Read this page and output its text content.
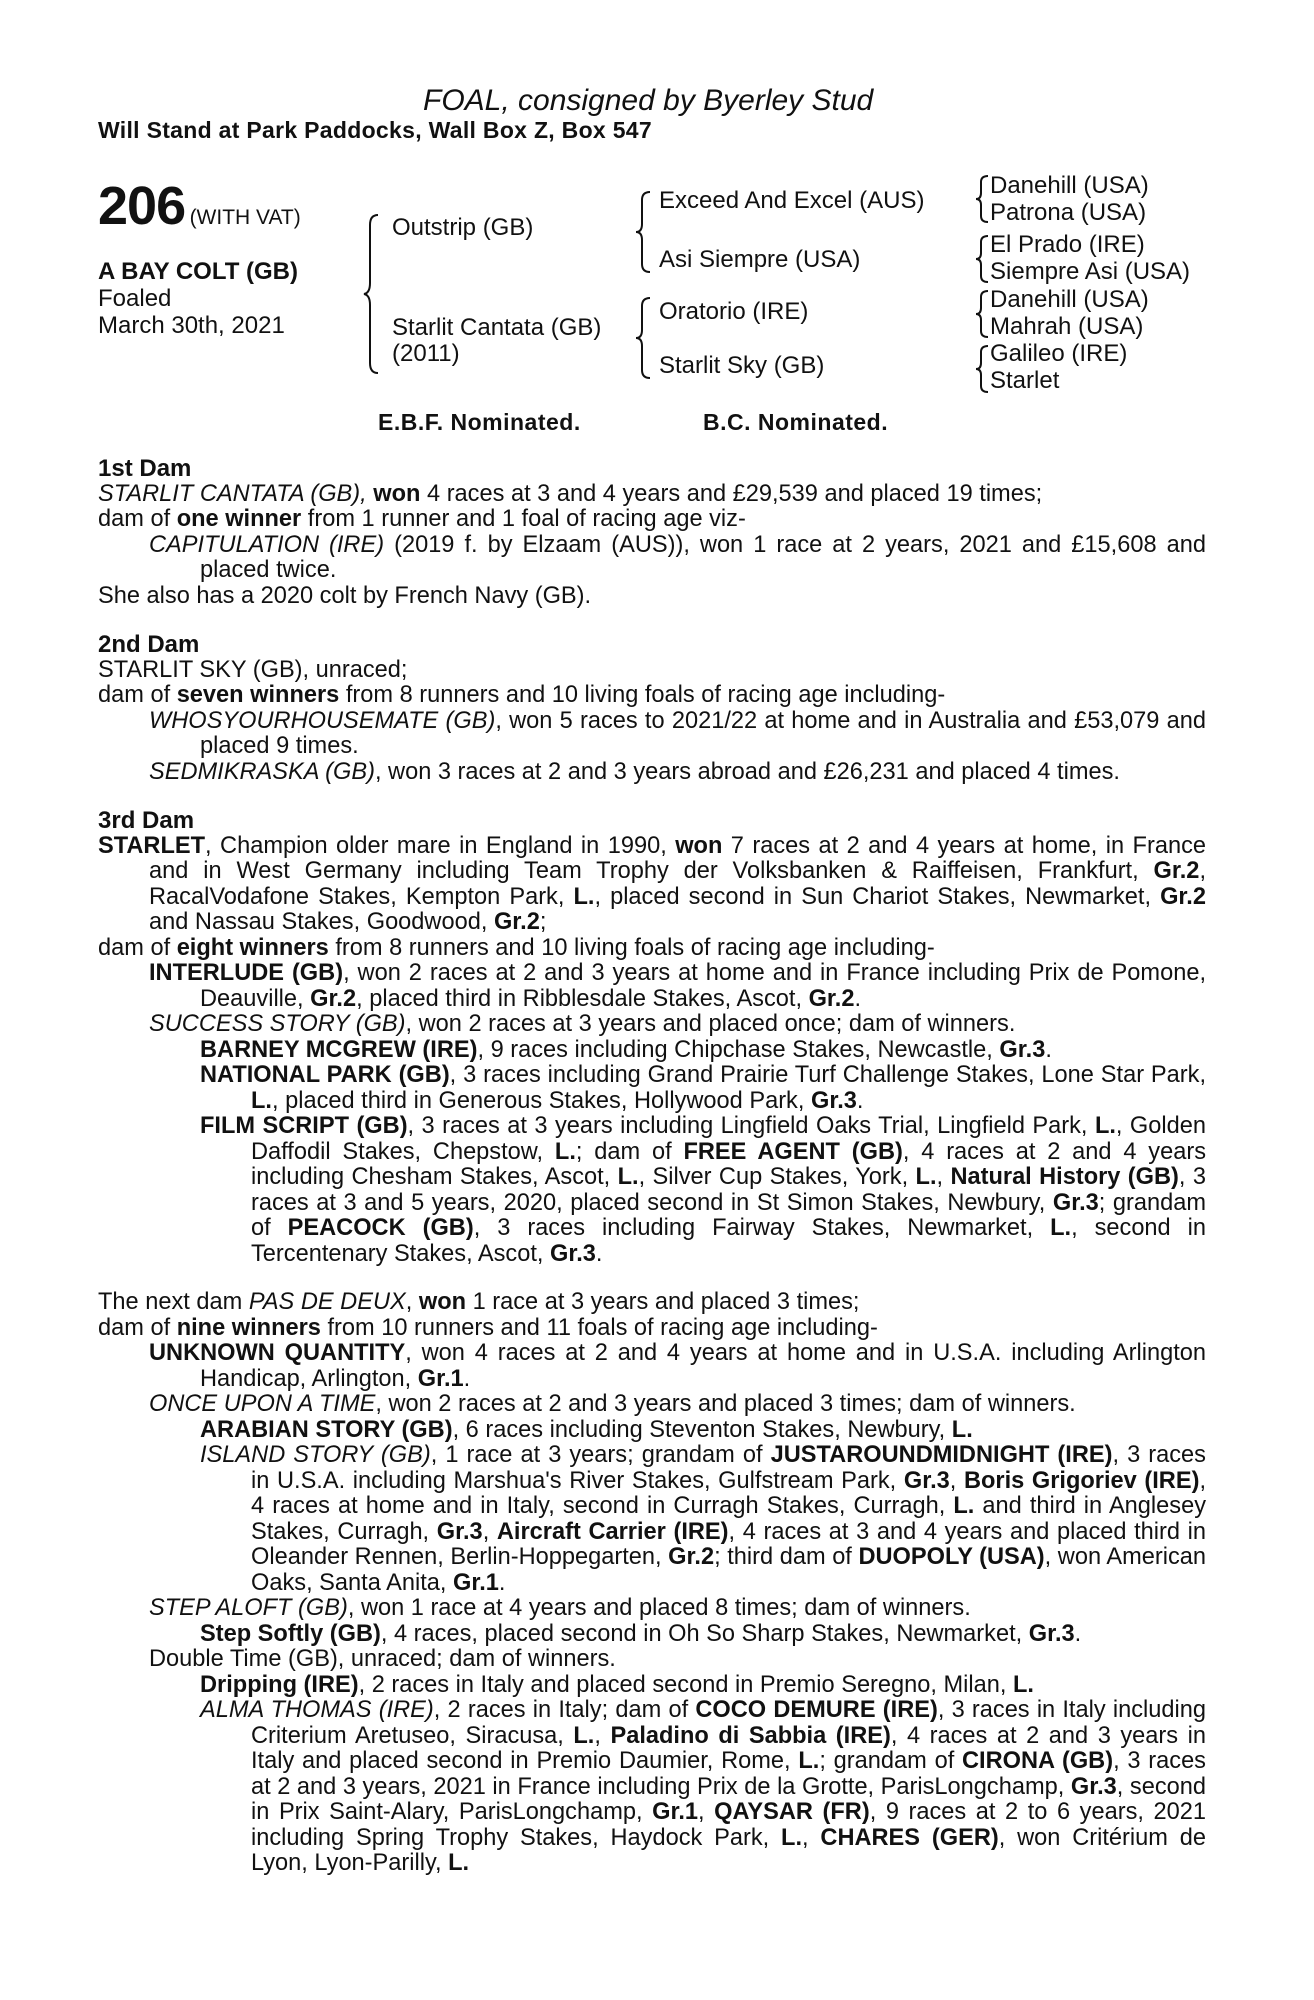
FOAL, consigned by Byerley Stud
Will Stand at Park Paddocks, Wall Box Z, Box 547
206 (WITH VAT)
A BAY COLT (GB)
Foaled
March 30th, 2021
Outstrip (GB)
Starlit Cantata (GB)
(2011)
Exceed And Excel (AUS)
Asi Siempre (USA)
Oratorio (IRE)
Starlit Sky (GB)
Danehill (USA)
Patrona (USA)
El Prado (IRE)
Siempre Asi (USA)
Danehill (USA)
Mahrah (USA)
Galileo (IRE)
Starlet
E.B.F. Nominated.	B.C. Nominated.

1st Dam

STARLIT CANTATA (GB), won 4 races at 3 and 4 years and £29,539 and placed 19 times;

dam of one winner from 1 runner and 1 foal of racing age viz-

CAPITULATION (IRE) (2019 f. by Elzaam (AUS)), won 1 race at 2 years, 2021 and £15,608 and placed twice.

She also has a 2020 colt by French Navy (GB).

2nd Dam

STARLIT SKY (GB), unraced;

dam of seven winners from 8 runners and 10 living foals of racing age including-

WHOSYOURHOUSEMATE (GB), won 5 races to 2021/22 at home and in Australia and £53,079 and placed 9 times.

SEDMIKRASKA (GB), won 3 races at 2 and 3 years abroad and £26,231 and placed 4 times.

3rd Dam

STARLET, Champion older mare in England in 1990, won 7 races at 2 and 4 years at home, in France and in West Germany including Team Trophy der Volksbanken & Raiffeisen, Frankfurt, Gr.2, RacalVodafone Stakes, Kempton Park, L., placed second in Sun Chariot Stakes, Newmarket, Gr.2 and Nassau Stakes, Goodwood, Gr.2;

dam of eight winners from 8 runners and 10 living foals of racing age including-

INTERLUDE (GB), won 2 races at 2 and 3 years at home and in France including Prix de Pomone, Deauville, Gr.2, placed third in Ribblesdale Stakes, Ascot, Gr.2.

SUCCESS STORY (GB), won 2 races at 3 years and placed once; dam of winners.

BARNEY MCGREW (IRE), 9 races including Chipchase Stakes, Newcastle, Gr.3.

NATIONAL PARK (GB), 3 races including Grand Prairie Turf Challenge Stakes, Lone Star Park, L., placed third in Generous Stakes, Hollywood Park, Gr.3.

FILM SCRIPT (GB), 3 races at 3 years including Lingfield Oaks Trial, Lingfield Park, L., Golden Daffodil Stakes, Chepstow, L.; dam of FREE AGENT (GB), 4 races at 2 and 4 years including Chesham Stakes, Ascot, L., Silver Cup Stakes, York, L., Natural History (GB), 3 races at 3 and 5 years, 2020, placed second in St Simon Stakes, Newbury, Gr.3; grandam of PEACOCK (GB), 3 races including Fairway Stakes, Newmarket, L., second in Tercentenary Stakes, Ascot, Gr.3.

The next dam PAS DE DEUX, won 1 race at 3 years and placed 3 times;

dam of nine winners from 10 runners and 11 foals of racing age including-

UNKNOWN QUANTITY, won 4 races at 2 and 4 years at home and in U.S.A. including Arlington Handicap, Arlington, Gr.1.

ONCE UPON A TIME, won 2 races at 2 and 3 years and placed 3 times; dam of winners.

ARABIAN STORY (GB), 6 races including Steventon Stakes, Newbury, L.

ISLAND STORY (GB), 1 race at 3 years; grandam of JUSTAROUNDMIDNIGHT (IRE), 3 races in U.S.A. including Marshua's River Stakes, Gulfstream Park, Gr.3, Boris Grigoriev (IRE), 4 races at home and in Italy, second in Curragh Stakes, Curragh, L. and third in Anglesey Stakes, Curragh, Gr.3, Aircraft Carrier (IRE), 4 races at 3 and 4 years and placed third in Oleander Rennen, Berlin-Hoppegarten, Gr.2; third dam of DUOPOLY (USA), won American Oaks, Santa Anita, Gr.1.

STEP ALOFT (GB), won 1 race at 4 years and placed 8 times; dam of winners.

Step Softly (GB), 4 races, placed second in Oh So Sharp Stakes, Newmarket, Gr.3.

Double Time (GB), unraced; dam of winners.

Dripping (IRE), 2 races in Italy and placed second in Premio Seregno, Milan, L.

ALMA THOMAS (IRE), 2 races in Italy; dam of COCO DEMURE (IRE), 3 races in Italy including Criterium Aretuseo, Siracusa, L., Paladino di Sabbia (IRE), 4 races at 2 and 3 years in Italy and placed second in Premio Daumier, Rome, L.; grandam of CIRONA (GB), 3 races at 2 and 3 years, 2021 in France including Prix de la Grotte, ParisLongchamp, Gr.3, second in Prix Saint-Alary, ParisLongchamp, Gr.1, QAYSAR (FR), 9 races at 2 to 6 years, 2021 including Spring Trophy Stakes, Haydock Park, L., CHARES (GER), won Critérium de Lyon, Lyon-Parilly, L.
